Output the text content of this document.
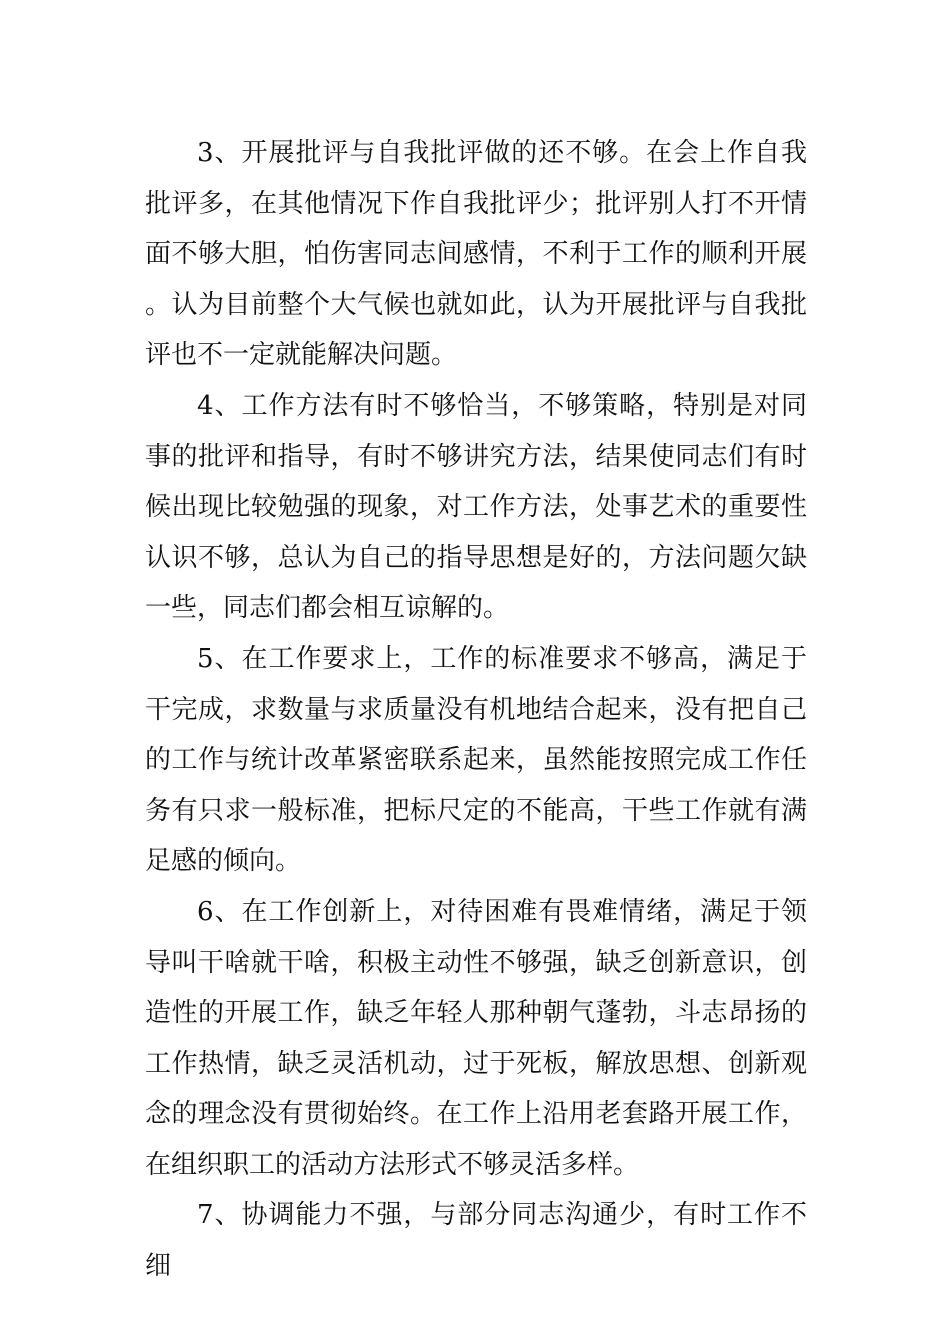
3、开展批评与自我批评做的还不够。在会上作自我批评多，在其他情况下作自我批评少；批评别人打不开情面不够大胆，怕伤害同志间感情，不利于工作的顺利开展。认为目前整个大气候也就如此，认为开展批评与自我批评也不一定就能解决问题。

4、工作方法有时不够恰当，不够策略，特别是对同事的批评和指导，有时不够讲究方法，结果使同志们有时候出现比较勉强的现象，对工作方法，处事艺术的重要性认识不够，总认为自己的指导思想是好的，方法问题欠缺一些，同志们都会相互谅解的。

5、在工作要求上，工作的标准要求不够高，满足于干完成，求数量与求质量没有机地结合起来，没有把自己的工作与统计改革紧密联系起来，虽然能按照完成工作任务有只求一般标准，把标尺定的不能高，干些工作就有满足感的倾向。

6、在工作创新上，对待困难有畏难情绪，满足于领导叫干啥就干啥，积极主动性不够强，缺乏创新意识，创造性的开展工作，缺乏年轻人那种朝气蓬勃，斗志昂扬的工作热情，缺乏灵活机动，过于死板，解放思想、创新观念的理念没有贯彻始终。在工作上沿用老套路开展工作，在组织职工的活动方法形式不够灵活多样。

7、协调能力不强，与部分同志沟通少，有时工作不细
